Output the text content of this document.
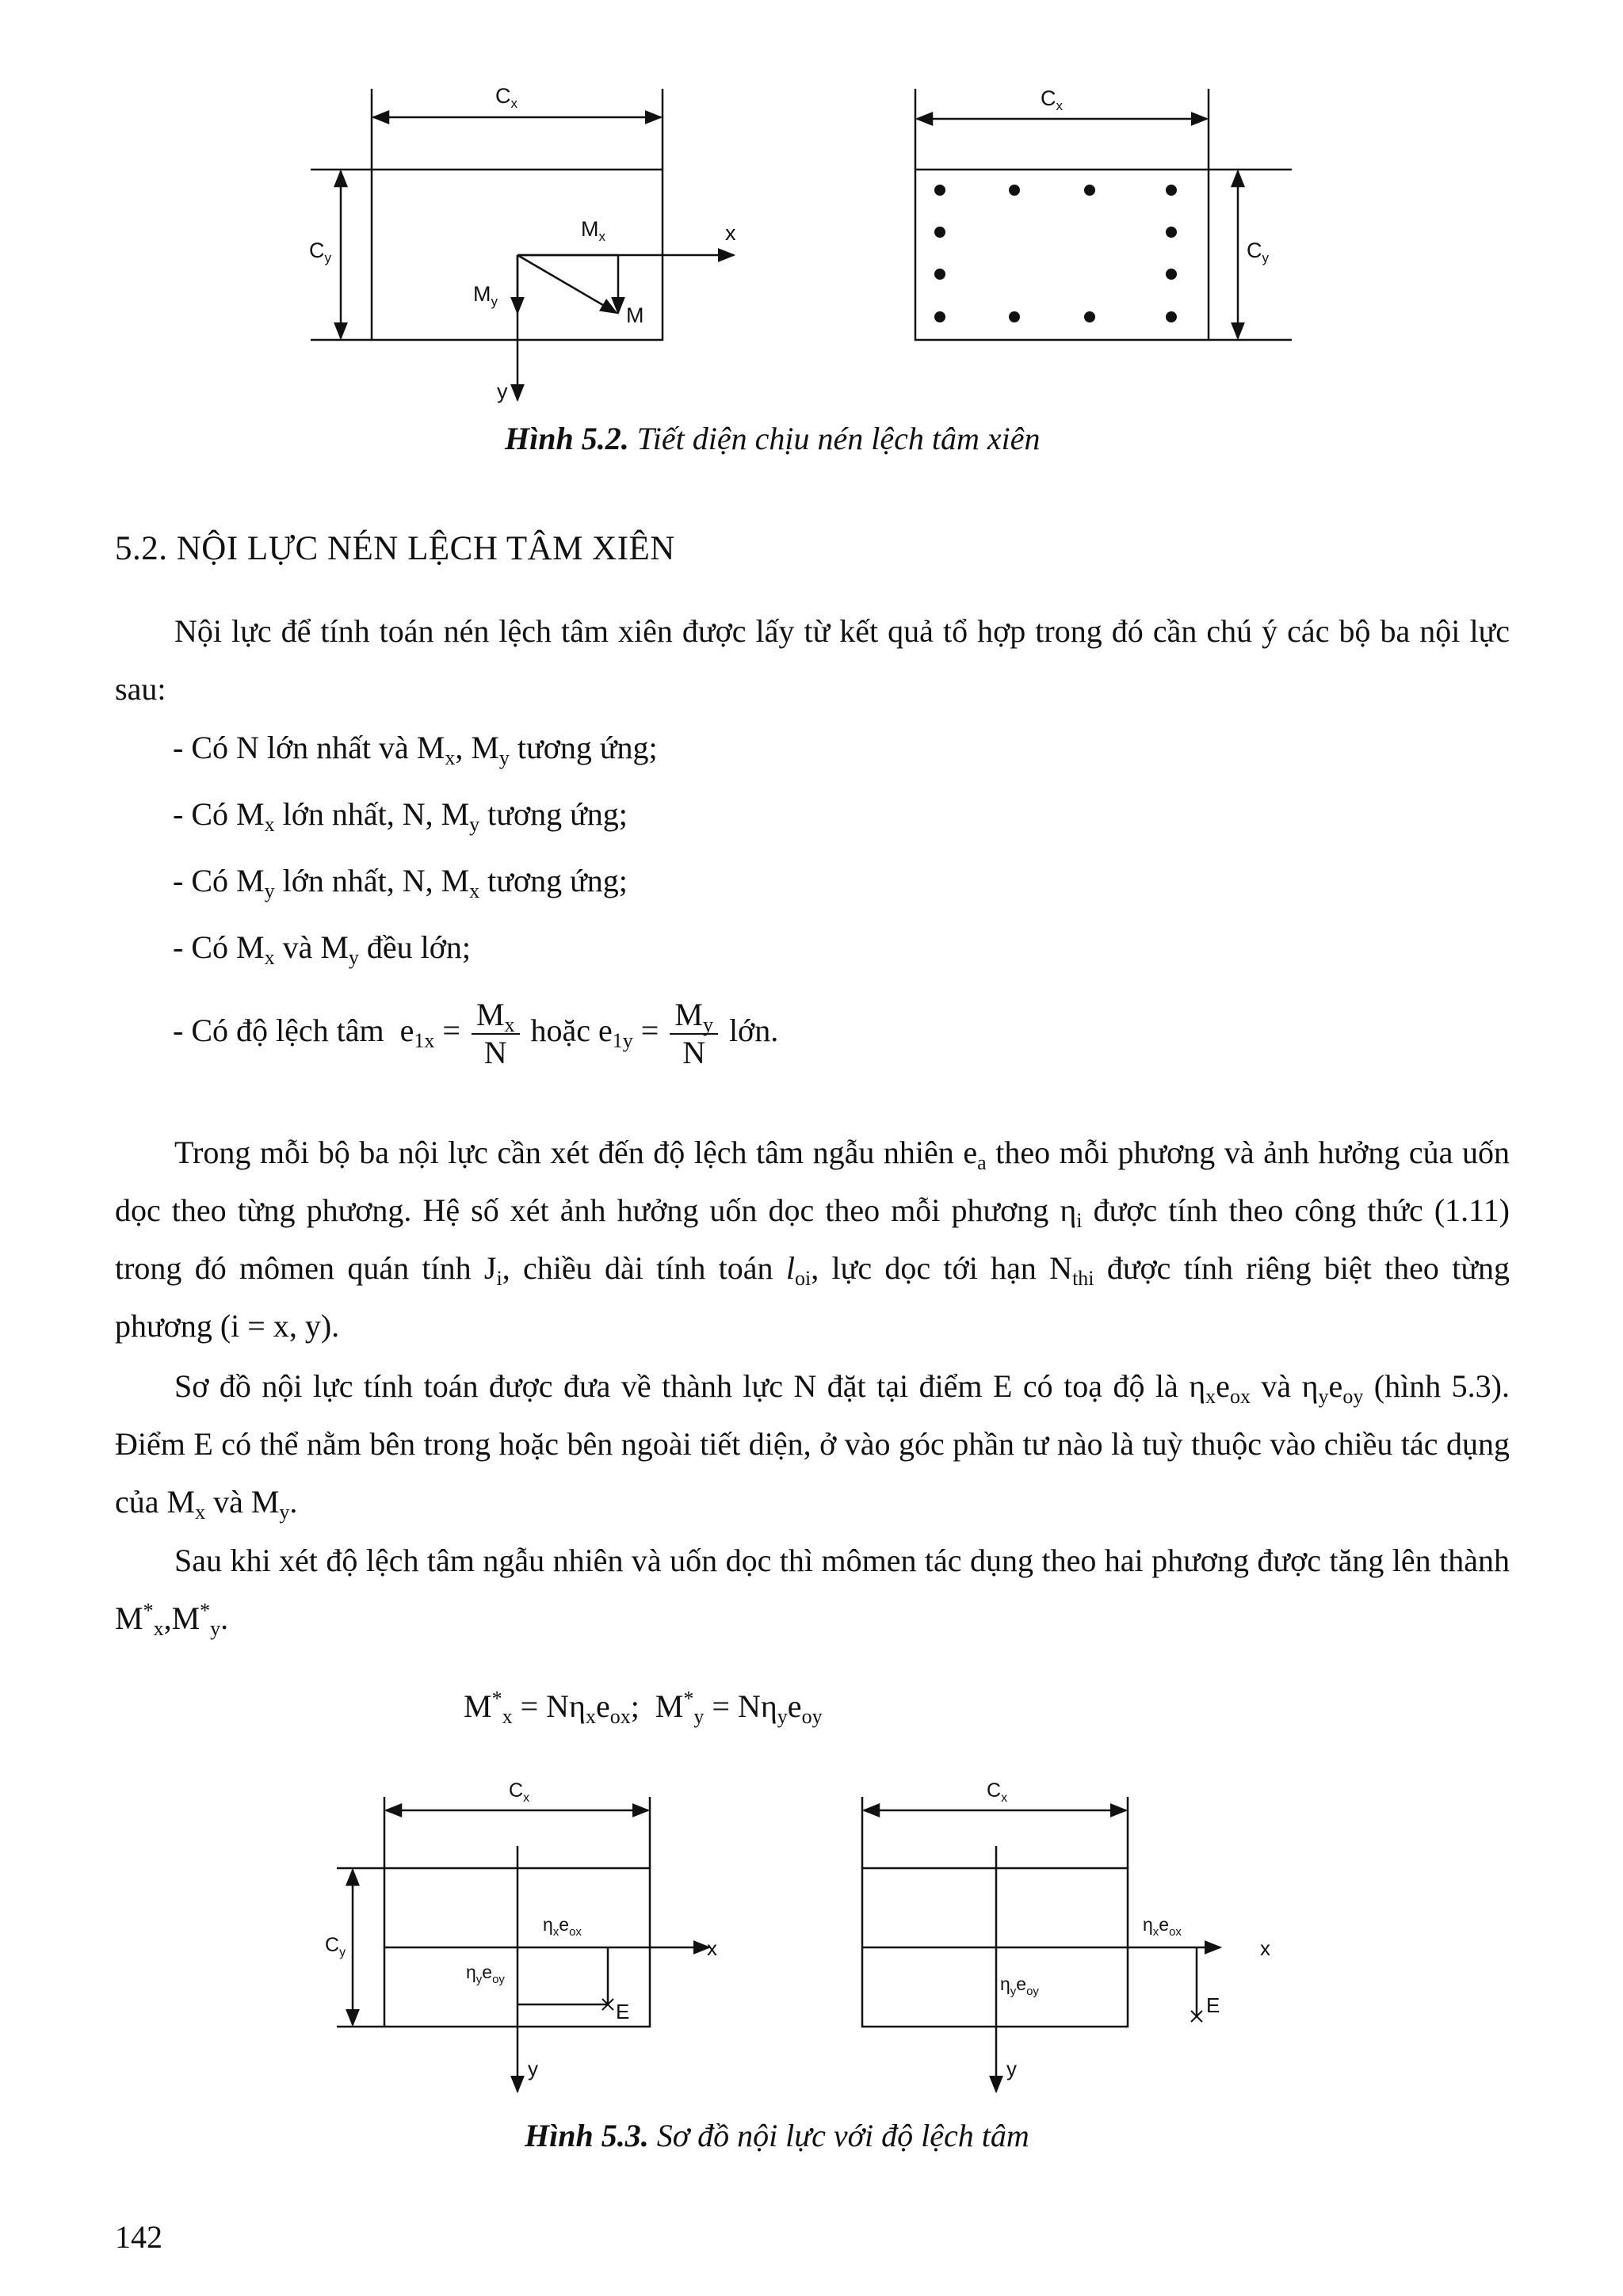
$C_x$
$C_y$
$M_x$
$M_y$
M
x
y
$C_x$
$C_y$
Hình 5.2. Tiết diện chịu nén lệch tâm xiên
5.2. NỘI LỰC NÉN LỆCH TÂM XIÊN
Nội lực để tính toán nén lệch tâm xiên được lấy từ kết quả tổ hợp trong đó cần chú ý các bộ ba nội lực sau:
- Có N lớn nhất và $M_x$, $M_y$ tương ứng;
- Có $M_x$ lớn nhất, N, $M_y$ tương ứng;
- Có $M_y$ lớn nhất, N, $M_x$ tương ứng;
- Có $M_x$ và $M_y$ đều lớn;
- Có độ lệch tâm $e_{1x} = \frac{M_x}{N}$ hoặc $e_{1y} = \frac{M_y}{N}$ lớn.
Trong mỗi bộ ba nội lực cần xét đến độ lệch tâm ngẫu nhiên $e_a$ theo mỗi phương và ảnh hưởng của uốn dọc theo từng phương. Hệ số xét ảnh hưởng uốn dọc theo mỗi phương $\eta_i$ được tính theo công thức (1.11) trong đó mômen quán tính $J_i$, chiều dài tính toán $l_{oi}$, lực dọc tới hạn $N_{thi}$ được tính riêng biệt theo từng phương (i = x, y).
Sơ đồ nội lực tính toán được đưa về thành lực N đặt tại điểm E có toạ độ là $\eta_xe_{ox}$ và $\eta_ye_{oy}$ (hình 5.3). Điểm E có thể nằm bên trong hoặc bên ngoài tiết diện, ở vào góc phần tư nào là tuỳ thuộc vào chiều tác dụng của $M_x$ và $M_y$.
Sau khi xét độ lệch tâm ngẫu nhiên và uốn dọc thì mômen tác dụng theo hai phương được tăng lên thành $M^*_x,M^*_y$.
$M^*_x = N\eta_xe_{ox}$;  $M^*_y = N\eta_ye_{oy}$
$C_x$
$C_y$
$\eta_xe_{ox}$
$\eta_ye_{oy}$
E
x
y
$C_x$
$\eta_xe_{ox}$
$\eta_ye_{oy}$
E
x
y
Hình 5.3. Sơ đồ nội lực với độ lệch tâm
142
